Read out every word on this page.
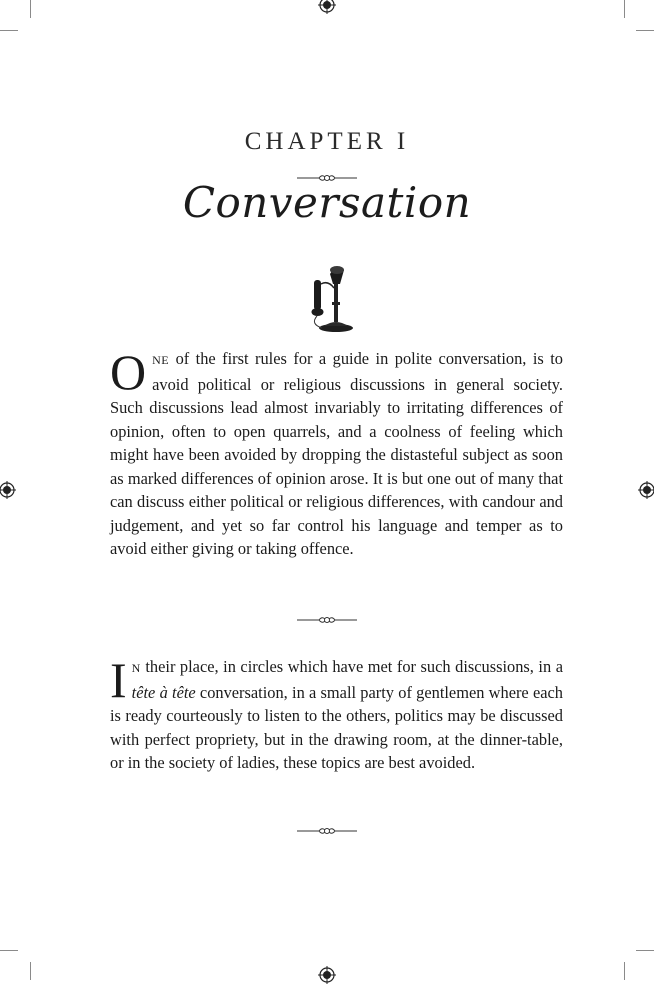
CHAPTER I
Conversation
ONE of the first rules for a guide in polite conversation, is to avoid political or religious discussions in general society. Such discussions lead almost invariably to irritating differences of opinion, often to open quarrels, and a coolness of feeling which might have been avoided by dropping the distasteful subject as soon as marked differences of opinion arose. It is but one out of many that can discuss either political or religious differences, with candour and judgement, and yet so far control his language and temper as to avoid either giving or taking offence.
I N their place, in circles which have met for such discussions, in a tête à tête conversation, in a small party of gentlemen where each is ready courteously to listen to the others, politics may be discussed with perfect propriety, but in the drawing room, at the dinner-table, or in the society of ladies, these topics are best avoided.
